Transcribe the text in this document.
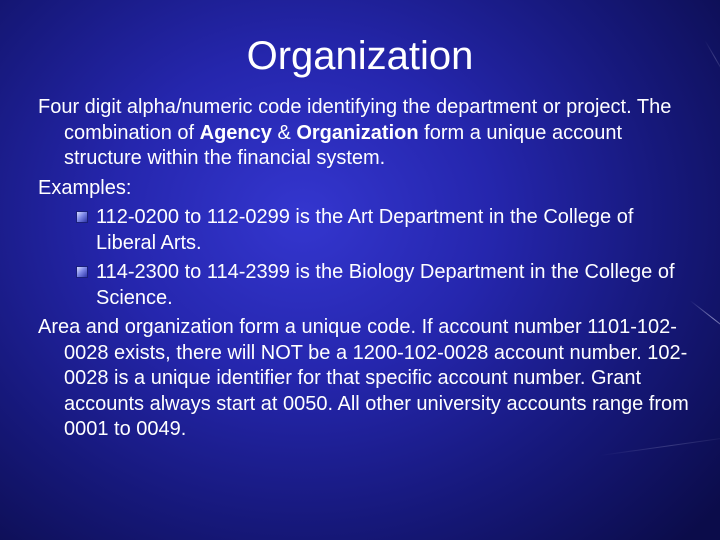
Organization

Four digit alpha/numeric code identifying the department or project. The combination of Agency & Organization form a unique account structure within the financial system.

Examples:

112-0200 to 112-0299 is the Art Department in the College of Liberal Arts.
114-2300 to 114-2399 is the Biology Department in the College of Science.

Area and organization form a unique code. If account number 1101-102-0028 exists, there will NOT be a 1200-102-0028 account number. 102-0028 is a unique identifier for that specific account number. Grant accounts always start at 0050. All other university accounts range from 0001 to 0049.
